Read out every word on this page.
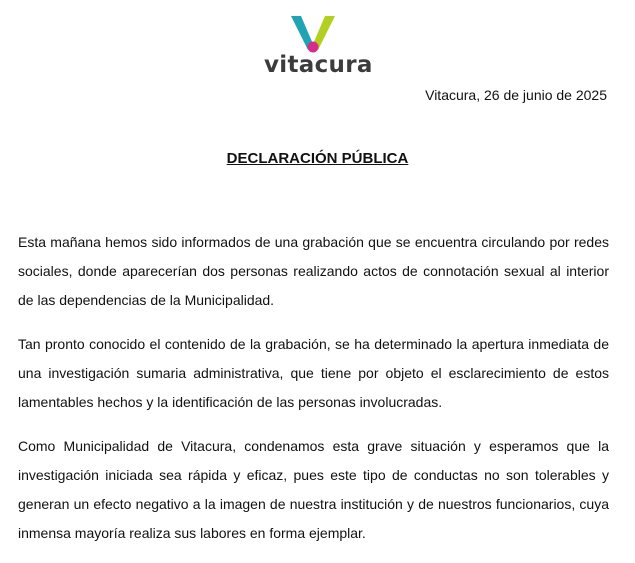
vitacura
Vitacura, 26 de junio de 2025
DECLARACIÓN PÚBLICA

Esta mañana hemos sido informados de una grabación que se encuentra circulando por redes sociales, donde aparecerían dos personas realizando actos de connotación sexual al interior de las dependencias de la Municipalidad.

Tan pronto conocido el contenido de la grabación, se ha determinado la apertura inmediata de una investigación sumaria administrativa, que tiene por objeto el esclarecimiento de estos lamentables hechos y la identificación de las personas involucradas.

Como Municipalidad de Vitacura, condenamos esta grave situación y esperamos que la investigación iniciada sea rápida y eficaz, pues este tipo de conductas no son tolerables y generan un efecto negativo a la imagen de nuestra institución y de nuestros funcionarios, cuya inmensa mayoría realiza sus labores en forma ejemplar.
